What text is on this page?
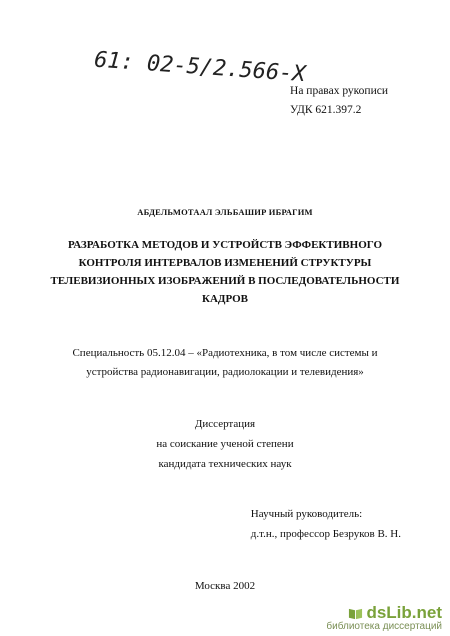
61: 02-5/2.566-X
На правах рукописи
УДК 621.397.2
АБДЕЛЬМОТААЛ ЭЛЬБАШИР ИБРАГИМ
РАЗРАБОТКА МЕТОДОВ И УСТРОЙСТВ ЭФФЕКТИВНОГО
КОНТРОЛЯ ИНТЕРВАЛОВ ИЗМЕНЕНИЙ СТРУКТУРЫ
ТЕЛЕВИЗИОННЫХ ИЗОБРАЖЕНИЙ В ПОСЛЕДОВАТЕЛЬНОСТИ
КАДРОВ
Специальность 05.12.04 – «Радиотехника, в том числе системы и
устройства радионавигации, радиолокации и телевидения»
Диссертация
на соискание ученой степени
кандидата технических наук
Научный руководитель:
д.т.н., профессор Безруков В. Н.
Москва 2002
dsLib.net
библиотека диссертаций
